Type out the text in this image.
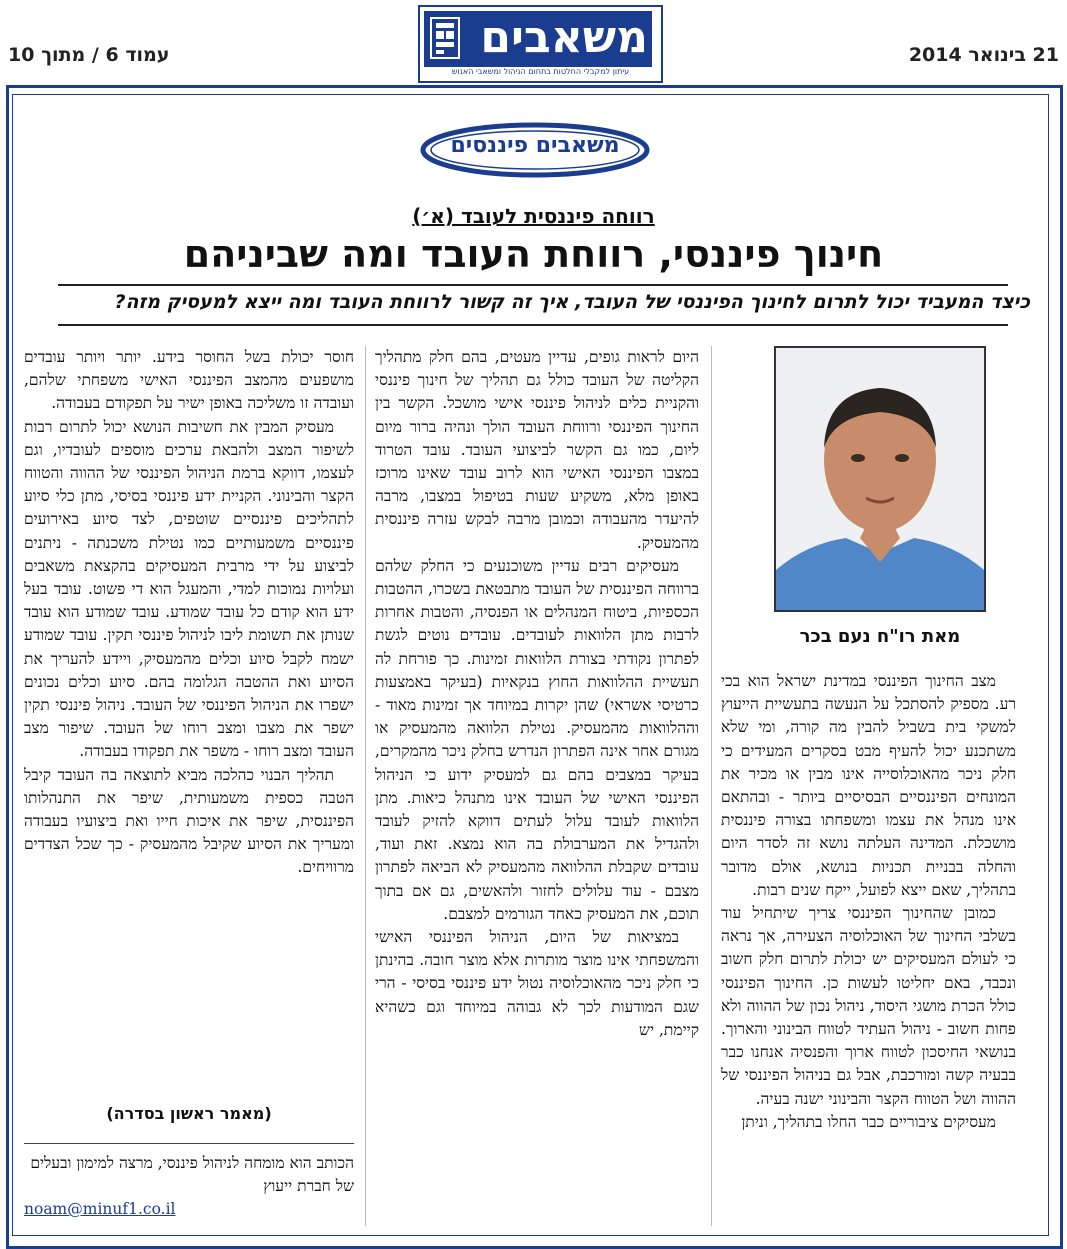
21 בינואר 2014
עמוד 6 / מתוך 10	משאבים
עיתון למקבלי החלטות בתחום הניהול ומשאבי האנוש
משאבים פיננסים
רווחה פיננסית לעובד (א׳)
חינוך פיננסי, רווחת העובד ומה שביניהם
כיצד המעביד יכול לתרום לחינוך הפיננסי של העובד, איך זה קשור לרווחת העובד ומה ייצא למעסיק מזה?
מאת רו"ח נעם בכר

מצב החינוך הפיננסי במדינת ישראל הוא בכי רע. מספיק להסתכל על הנעשה בתעשיית הייעוץ למשקי בית בשביל להבין מה קורה, ומי שלא משתכנע יכול להעיף מבט בסקרים המעידים כי חלק ניכר מהאוכלוסייה אינו מבין או מכיר את המונחים הפיננסיים הבסיסיים ביותר - ובהתאם אינו מנהל את עצמו ומשפחתו בצורה פיננסית מושכלת. המדינה העלתה נושא זה לסדר היום והחלה בבניית תכניות בנושא, אולם מדובר בתהליך, שאם ייצא לפועל, ייקח שנים רבות.

כמובן שהחינוך הפיננסי צריך שיתחיל עוד בשלבי החינוך של האוכלוסיה הצעירה, אך נראה כי לעולם המעסיקים יש יכולת לתרום חלק חשוב ונכבד, באם יחליטו לעשות כן. החינוך הפיננסי כולל הכרת מושגי היסוד, ניהול נכון של ההווה ולא פחות חשוב - ניהול העתיד לטווח הבינוני והארוך. בנושאי החיסכון לטווח ארוך והפנסיה אנחנו כבר בבעיה קשה ומורכבת, אבל גם בניהול הפיננסי של ההווה ושל הטווח הקצר והבינוני ישנה בעיה.

מעסיקים ציבוריים כבר החלו בתהליך, וניתן

היום לראות גופים, עדיין מעטים, בהם חלק מתהליך הקליטה של העובד כולל גם תהליך של חינוך פיננסי והקניית כלים לניהול פיננסי אישי מושכל. הקשר בין החינוך הפיננסי ורווחת העובד הולך ונהיה ברור מיום ליום, כמו גם הקשר לביצועי העובד. עובד הטרוד במצבו הפיננסי האישי הוא לרוב עובד שאינו מרוכז באופן מלא, משקיע שעות בטיפול במצבו, מרבה להיעדר מהעבודה וכמובן מרבה לבקש עזרה פיננסית מהמעסיק.

מעסיקים רבים עדיין משוכנעים כי החלק שלהם ברווחה הפיננסית של העובד מתבטאת בשכרו, ההטבות הכספיות, ביטוח המנהלים או הפנסיה, והטבות אחרות לרבות מתן הלוואות לעובדים. עובדים נוטים לגשת לפתרון נקודתי בצורת הלוואות זמינות. כך פורחת לה תעשיית ההלוואות החוץ בנקאיות (בעיקר באמצעות כרטיסי אשראי) שהן יקרות במיוחד אך זמינות מאוד - וההלוואות מהמעסיק. נטילת הלוואה מהמעסיק או מגורם אחר אינה הפתרון הנדרש בחלק ניכר מהמקרים, בעיקר במצבים בהם גם למעסיק ידוע כי הניהול הפיננסי האישי של העובד אינו מתנהל כיאות. מתן הלוואות לעובד עלול לעתים דווקא להזיק לעובד ולהגדיל את המערבולת בה הוא נמצא. זאת ועוד, עובדים שקבלת ההלוואה מהמעסיק לא הביאה לפתרון מצבם - עוד עלולים לחזור ולהאשים, גם אם בתוך תוכם, את המעסיק כאחד הגורמים למצבם.

במציאות של היום, הניהול הפיננסי האישי והמשפחתי אינו מוצר מותרות אלא מוצר חובה. בהינתן כי חלק ניכר מהאוכלוסיה נטול ידע פיננסי בסיסי - הרי שגם המודעות לכך לא גבוהה במיוחד וגם כשהיא קיימת, יש

חוסר יכולת בשל החוסר בידע. יותר ויותר עובדים מושפעים מהמצב הפיננסי האישי משפחתי שלהם, ועובדה זו משליכה באופן ישיר על תפקודם בעבודה.

מעסיק המבין את חשיבות הנושא יכול לתרום רבות לשיפור המצב ולהבאת ערכים מוספים לעובדיו, וגם לעצמו, דווקא ברמת הניהול הפיננסי של ההווה והטווח הקצר והבינוני. הקניית ידע פיננסי בסיסי, מתן כלי סיוע לתהליכים פיננסיים שוטפים, לצד סיוע באירועים פיננסיים משמעותיים כמו נטילת משכנתה - ניתנים לביצוע על ידי מרבית המעסיקים בהקצאת משאבים ועלויות נמוכות למדי, והמעגל הוא די פשוט. עובד בעל ידע הוא קודם כל עובד שמודע. עובד שמודע הוא עובד שנותן את תשומת ליבו לניהול פיננסי תקין. עובד שמודע ישמח לקבל סיוע וכלים מהמעסיק, ויידע להעריך את הסיוע ואת ההטבה הגלומה בהם. סיוע וכלים נכונים ישפרו את הניהול הפיננסי של העובד. ניהול פיננסי תקין ישפר את מצבו ומצב רוחו של העובד. שיפור מצב העובד ומצב רוחו - משפר את תפקודו בעבודה.

תהליך הבנוי כהלכה מביא לתוצאה בה העובד קיבל הטבה כספית משמעותית, שיפר את התנהלותו הפיננסית, שיפר את איכות חייו ואת ביצועיו בעבודה ומעריך את הסיוע שקיבל מהמעסיק - כך שכל הצדדים מרוויחים.

(מאמר ראשון בסדרה)
הכותב הוא מומחה לניהול פיננסי, מרצה למימון ובעלים של חברת ייעוץ
noam@minuf1.co.il
